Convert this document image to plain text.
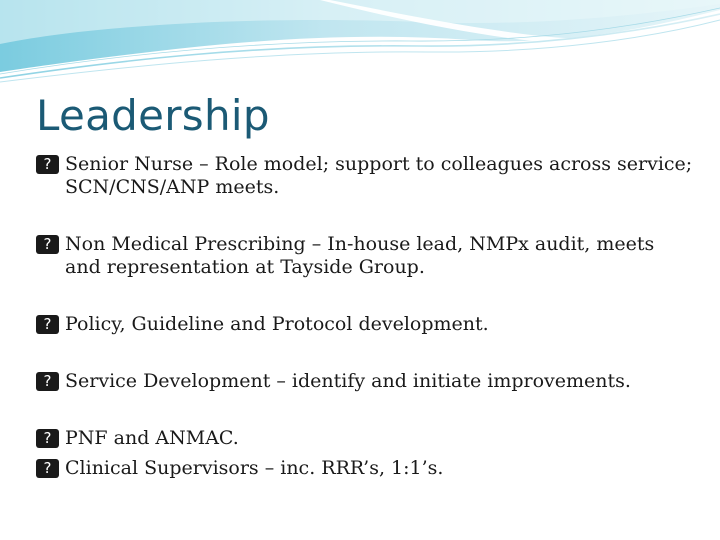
Leadership
? Senior Nurse – Role model; support to colleagues across service; SCN/CNS/ANP meets.
? Non Medical Prescribing – In-house lead, NMPx audit, meets and representation at Tayside Group.
? Policy, Guideline and Protocol development.
? Service Development – identify and initiate improvements.
? PNF and ANMAC.
? Clinical Supervisors – inc. RRR’s, 1:1’s.
